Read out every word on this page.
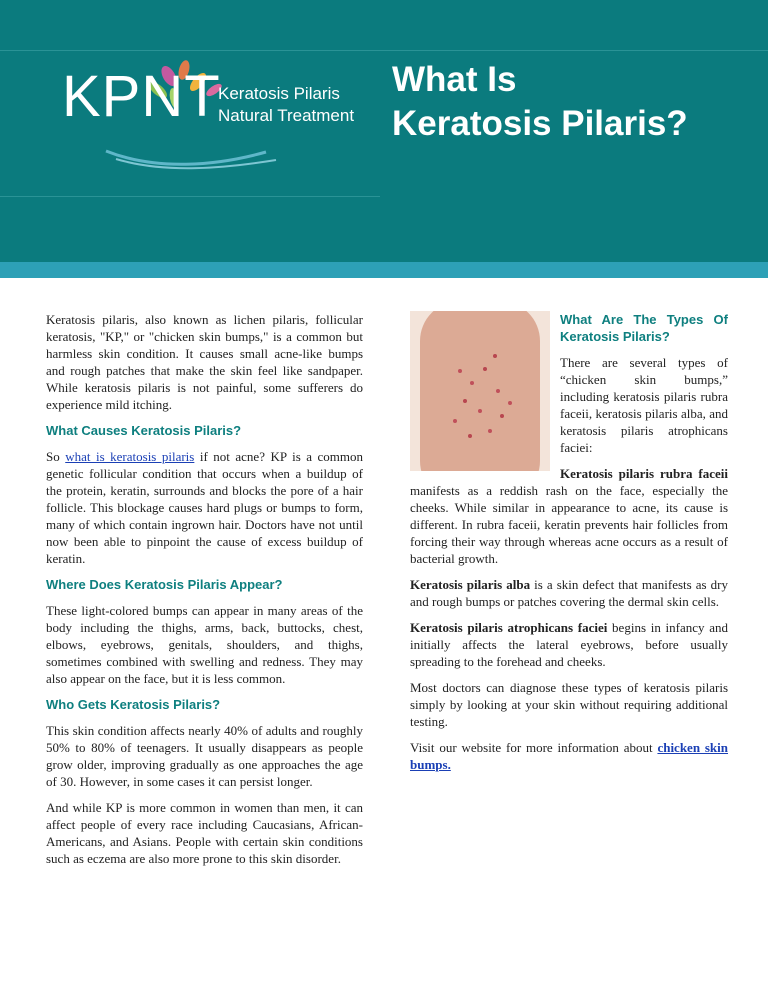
KPNT
Keratosis Pilaris
Natural Treatment
What Is
Keratosis Pilaris?

Keratosis pilaris, also known as lichen pilaris, follicular keratosis, "KP," or "chicken skin bumps," is a common but harmless skin condition. It causes small acne-like bumps and rough patches that make the skin feel like sandpaper. While keratosis pilaris is not painful, some sufferers do experience mild itching.

What Causes Keratosis Pilaris?

So what is keratosis pilaris if not acne? KP is a common genetic follicular condition that occurs when a buildup of the protein, keratin, surrounds and blocks the pore of a hair follicle. This blockage causes hard plugs or bumps to form, many of which contain ingrown hair. Doctors have not until now been able to pinpoint the cause of excess buildup of keratin.

Where Does Keratosis Pilaris Appear?

These light-colored bumps can appear in many areas of the body including the thighs, arms, back, buttocks, chest, elbows, eyebrows, genitals, shoulders, and thighs, sometimes combined with swelling and redness. They may also appear on the face, but it is less common.

Who Gets Keratosis Pilaris?

This skin condition affects nearly 40% of adults and roughly 50% to 80% of teenagers. It usually disappears as people grow older, improving gradually as one approaches the age of 30. However, in some cases it can persist longer.

And while KP is more common in women than men, it can affect people of every race including Caucasians, African-Americans, and Asians. People with certain skin conditions such as eczema are also more prone to this skin disorder.

What Are The Types Of Keratosis Pilaris?

There are several types of “chicken skin bumps,” including keratosis pilaris rubra faceii, keratosis pilaris alba, and keratosis pilaris atrophicans faciei:

Keratosis pilaris rubra faceii manifests as a reddish rash on the face, especially the cheeks. While similar in appearance to acne, its cause is different. In rubra faceii, keratin prevents hair follicles from forcing their way through whereas acne occurs as a result of bacterial growth.

Keratosis pilaris alba is a skin defect that manifests as dry and rough bumps or patches covering the dermal skin cells.

Keratosis pilaris atrophicans faciei begins in infancy and initially affects the lateral eyebrows, before usually spreading to the forehead and cheeks.

Most doctors can diagnose these types of keratosis pilaris simply by looking at your skin without requiring additional testing.

Visit our website for more information about chicken skin bumps.
